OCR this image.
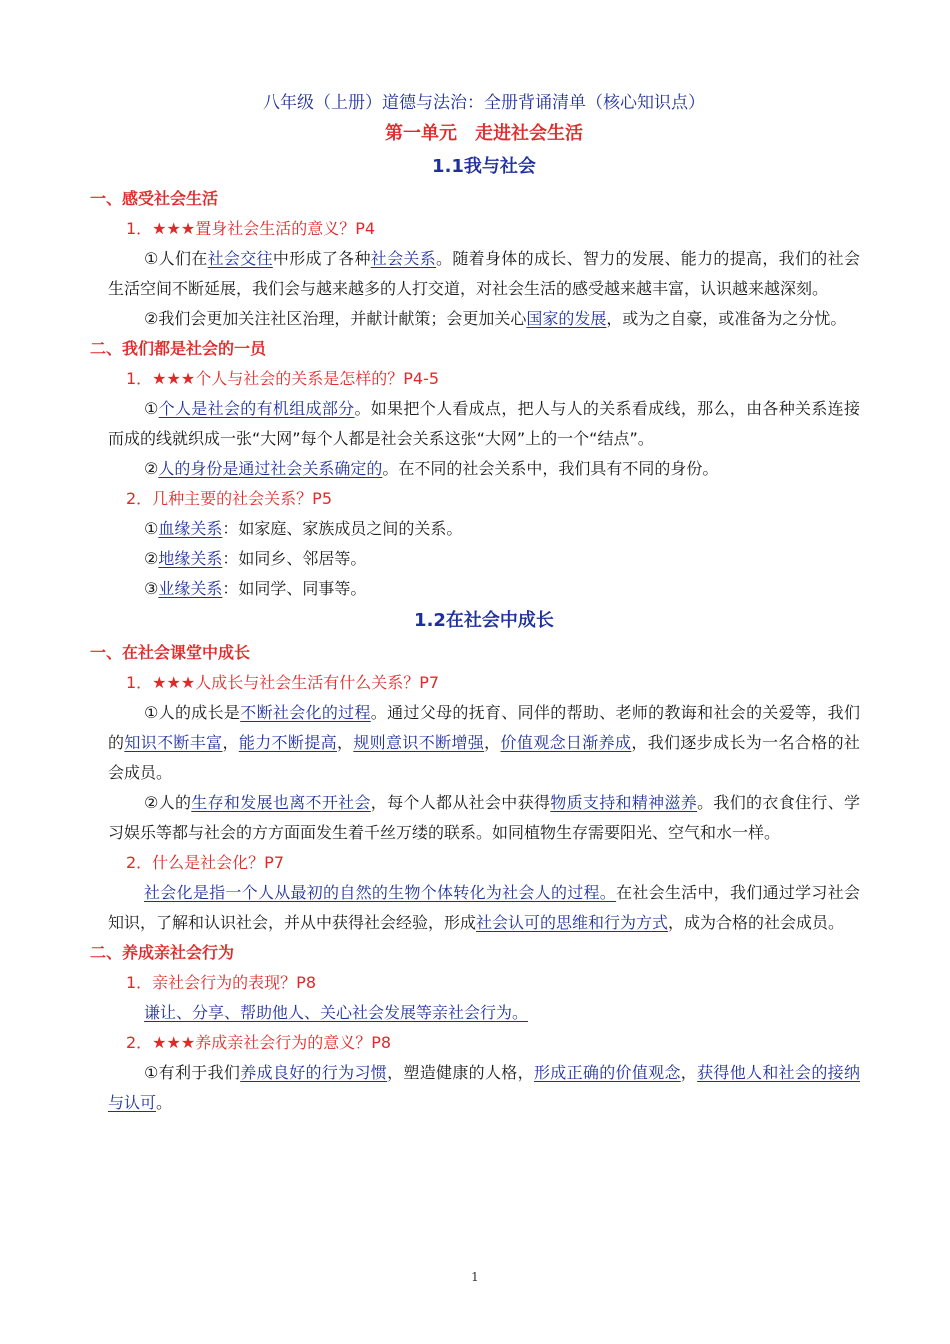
八年级（上册）道德与法治：全册背诵清单（核心知识点）
第一单元　走进社会生活
1.1我与社会
一、感受社会生活
1．★★★置身社会生活的意义？P4
①人们在社会交往中形成了各种社会关系。随着身体的成长、智力的发展、能力的提高，我们的社会生活空间不断延展，我们会与越来越多的人打交道，对社会生活的感受越来越丰富，认识越来越深刻。
②我们会更加关注社区治理，并献计献策；会更加关心国家的发展，或为之自豪，或准备为之分忧。
二、我们都是社会的一员
1．★★★个人与社会的关系是怎样的？P4-5
①个人是社会的有机组成部分。如果把个人看成点，把人与人的关系看成线，那么，由各种关系连接而成的线就织成一张“大网”每个人都是社会关系这张“大网”上的一个“结点”。
②人的身份是通过社会关系确定的。在不同的社会关系中，我们具有不同的身份。
2．几种主要的社会关系？P5
①血缘关系：如家庭、家族成员之间的关系。
②地缘关系：如同乡、邻居等。
③业缘关系：如同学、同事等。
1.2在社会中成长
一、在社会课堂中成长
1．★★★人成长与社会生活有什么关系？P7
①人的成长是不断社会化的过程。通过父母的抚育、同伴的帮助、老师的教诲和社会的关爱等，我们的知识不断丰富，能力不断提高，规则意识不断增强，价值观念日渐养成，我们逐步成长为一名合格的社会成员。
②人的生存和发展也离不开社会，每个人都从社会中获得物质支持和精神滋养。我们的衣食住行、学习娱乐等都与社会的方方面面发生着千丝万缕的联系。如同植物生存需要阳光、空气和水一样。
2．什么是社会化？P7
社会化是指一个人从最初的自然的生物个体转化为社会人的过程。在社会生活中，我们通过学习社会知识，了解和认识社会，并从中获得社会经验，形成社会认可的思维和行为方式，成为合格的社会成员。
二、养成亲社会行为
1．亲社会行为的表现？P8
谦让、分享、帮助他人、关心社会发展等亲社会行为。
2．★★★养成亲社会行为的意义？P8
①有利于我们养成良好的行为习惯，塑造健康的人格，形成正确的价值观念，获得他人和社会的接纳与认可。
1
